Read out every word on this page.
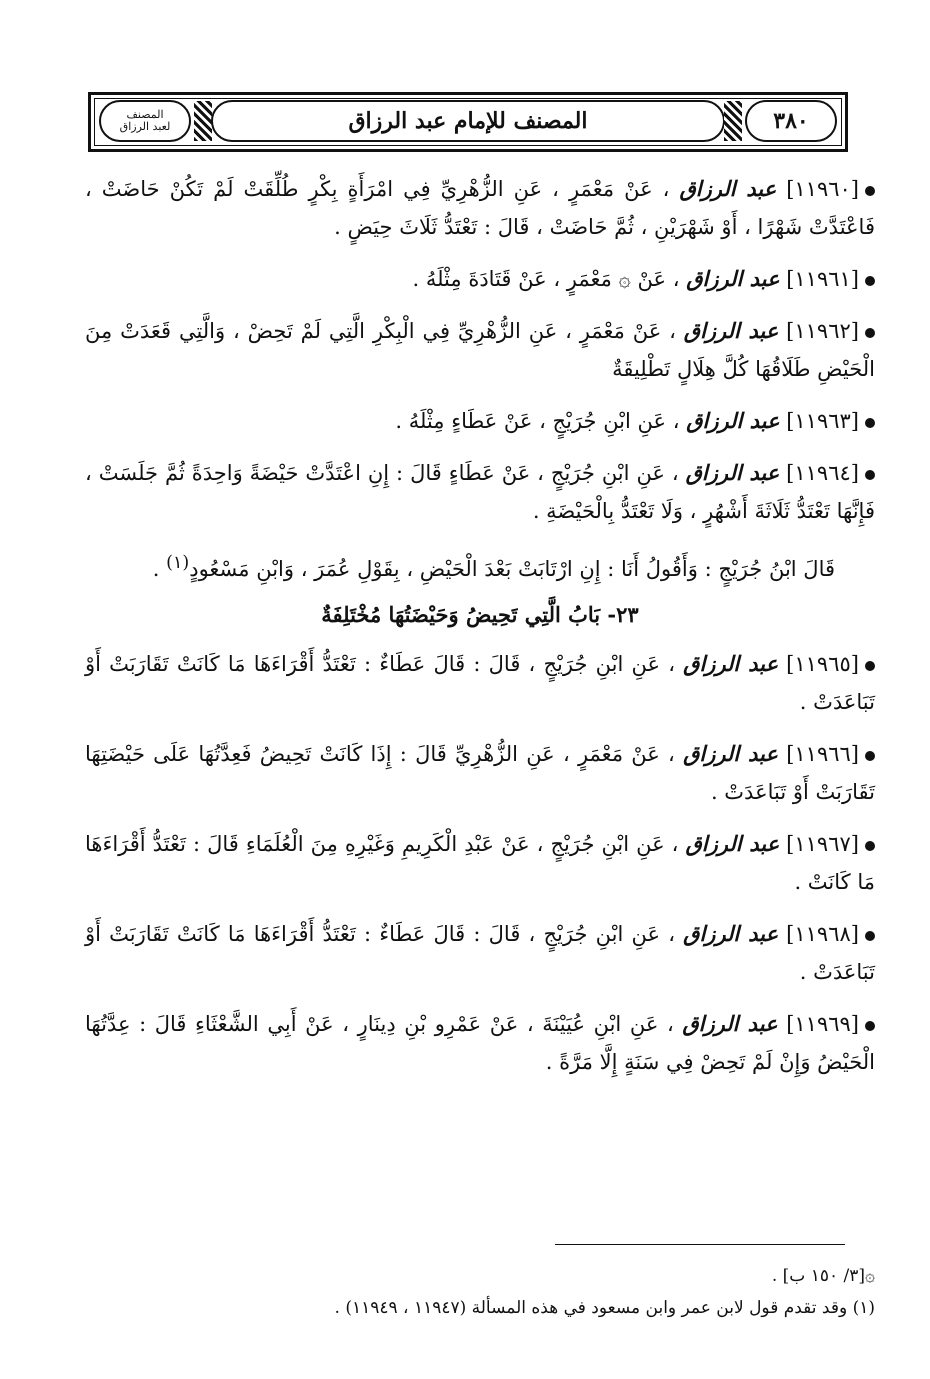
المصنف
لعبد الرزاق	المصنف للإمام عبد الرزاق	٣٨٠

[١١٩٦٠] عبد الرزاق ، عَنْ مَعْمَرٍ ، عَنِ الزُّهْرِيِّ فِي امْرَأَةٍ بِكْرٍ طُلِّقَتْ لَمْ تَكُنْ حَاضَتْ ، فَاعْتَدَّتْ شَهْرًا ، أَوْ شَهْرَيْنِ ، ثُمَّ حَاضَتْ ، قَالَ : تَعْتَدُّ ثَلَاثَ حِيَضٍ .

[١١٩٦١] عبد الرزاق ، عَنْ ۞ مَعْمَرٍ ، عَنْ قَتَادَةَ مِثْلَهُ .

[١١٩٦٢] عبد الرزاق ، عَنْ مَعْمَرٍ ، عَنِ الزُّهْرِيِّ فِي الْبِكْرِ الَّتِي لَمْ تَحِضْ ، وَالَّتِي قَعَدَتْ مِنَ الْحَيْضِ طَلَاقُهَا كُلَّ هِلَالٍ تَطْلِيقَةٌ

[١١٩٦٣] عبد الرزاق ، عَنِ ابْنِ جُرَيْجٍ ، عَنْ عَطَاءٍ مِثْلَهُ .

[١١٩٦٤] عبد الرزاق ، عَنِ ابْنِ جُرَيْجٍ ، عَنْ عَطَاءٍ قَالَ : إِنِ اعْتَدَّتْ حَيْضَةً وَاحِدَةً ثُمَّ جَلَسَتْ ، فَإِنَّهَا تَعْتَدُّ ثَلَاثَةَ أَشْهُرٍ ، وَلَا تَعْتَدُّ بِالْحَيْضَةِ .

قَالَ ابْنُ جُرَيْجٍ : وَأَقُولُ أَنَا : إِنِ ارْتَابَتْ بَعْدَ الْحَيْضِ ، بِقَوْلِ عُمَرَ ، وَابْنِ مَسْعُودٍ$^{(١)}$ .

٢٣- بَابُ الَّتِي تَحِيضُ وَحَيْضَتُهَا مُخْتَلِفَةٌ

[١١٩٦٥] عبد الرزاق ، عَنِ ابْنِ جُرَيْجٍ ، قَالَ : قَالَ عَطَاءٌ : تَعْتَدُّ أَقْرَاءَهَا مَا كَانَتْ تَقَارَبَتْ أَوْ تَبَاعَدَتْ .

[١١٩٦٦] عبد الرزاق ، عَنْ مَعْمَرٍ ، عَنِ الزُّهْرِيِّ قَالَ : إِذَا كَانَتْ تَحِيضُ فَعِدَّتُهَا عَلَى حَيْضَتِهَا تَقَارَبَتْ أَوْ تَبَاعَدَتْ .

[١١٩٦٧] عبد الرزاق ، عَنِ ابْنِ جُرَيْجٍ ، عَنْ عَبْدِ الْكَرِيمِ وَغَيْرِهِ مِنَ الْعُلَمَاءِ قَالَ : تَعْتَدُّ أَقْرَاءَهَا مَا كَانَتْ .

[١١٩٦٨] عبد الرزاق ، عَنِ ابْنِ جُرَيْجٍ ، قَالَ : قَالَ عَطَاءٌ : تَعْتَدُّ أَقْرَاءَهَا مَا كَانَتْ تَقَارَبَتْ أَوْ تَبَاعَدَتْ .

[١١٩٦٩] عبد الرزاق ، عَنِ ابْنِ عُيَيْنَةَ ، عَنْ عَمْرِو بْنِ دِينَارٍ ، عَنْ أَبِي الشَّعْثَاءِ قَالَ : عِدَّتُهَا الْحَيْضُ وَإِنْ لَمْ تَحِضْ فِي سَنَةٍ إِلَّا مَرَّةً .

۞[٣/ ١٥٠ ب] .
(١) وقد تقدم قول لابن عمر وابن مسعود في هذه المسألة (١١٩٤٧ ، ١١٩٤٩) .
